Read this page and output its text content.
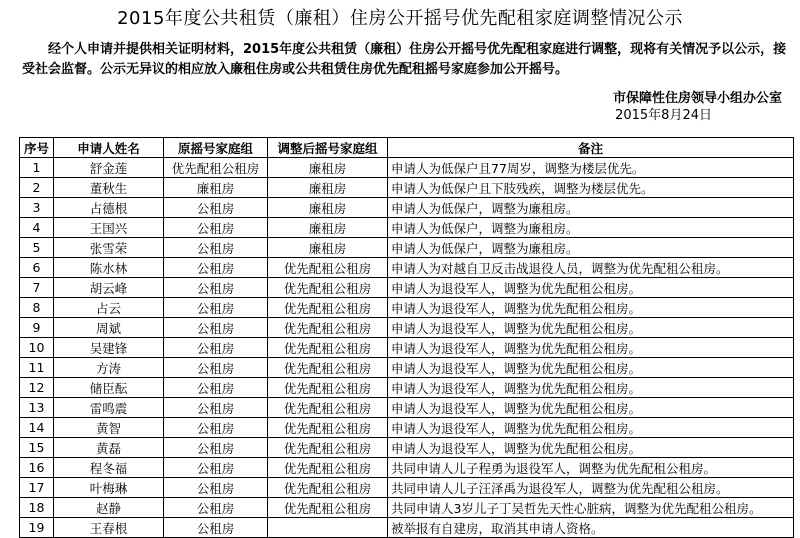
2015年度公共租赁（廉租）住房公开摇号优先配租家庭调整情况公示
经个人申请并提供相关证明材料，2015年度公共租赁（廉租）住房公开摇号优先配租家庭进行调整，现将有关情况予以公示，接受社会监督。公示无异议的相应放入廉租住房或公共租赁住房优先配租摇号家庭参加公开摇号。
市保障性住房领导小组办公室
2015年8月24日
序号	申请人姓名	原摇号家庭组	调整后摇号家庭组	备注
1	舒金莲	优先配租公租房	廉租房	申请人为低保户且77周岁，调整为楼层优先。
2	董秋生	廉租房	廉租房	申请人为低保户且下肢残疾，调整为楼层优先。
3	占德根	公租房	廉租房	申请人为低保户，调整为廉租房。
4	王国兴	公租房	廉租房	申请人为低保户，调整为廉租房。
5	张雪荣	公租房	廉租房	申请人为低保户，调整为廉租房。
6	陈水林	公租房	优先配租公租房	申请人为对越自卫反击战退役人员，调整为优先配租公租房。
7	胡云峰	公租房	优先配租公租房	申请人为退役军人，调整为优先配租公租房。
8	占云	公租房	优先配租公租房	申请人为退役军人，调整为优先配租公租房。
9	周斌	公租房	优先配租公租房	申请人为退役军人，调整为优先配租公租房。
10	吴建锋	公租房	优先配租公租房	申请人为退役军人，调整为优先配租公租房。
11	方涛	公租房	优先配租公租房	申请人为退役军人，调整为优先配租公租房。
12	储臣酝	公租房	优先配租公租房	申请人为退役军人，调整为优先配租公租房。
13	雷鸣震	公租房	优先配租公租房	申请人为退役军人，调整为优先配租公租房。
14	黄智	公租房	优先配租公租房	申请人为退役军人，调整为优先配租公租房。
15	黄磊	公租房	优先配租公租房	申请人为退役军人，调整为优先配租公租房。
16	程冬福	公租房	优先配租公租房	共同申请人儿子程勇为退役军人，调整为优先配租公租房。
17	叶梅琳	公租房	优先配租公租房	共同申请人儿子汪泽禹为退役军人，调整为优先配租公租房。
18	赵静	公租房	优先配租公租房	共同申请人3岁儿子丁吴哲先天性心脏病，调整为优先配租公租房。
19	王春根	公租房		被举报有自建房，取消其申请人资格。
